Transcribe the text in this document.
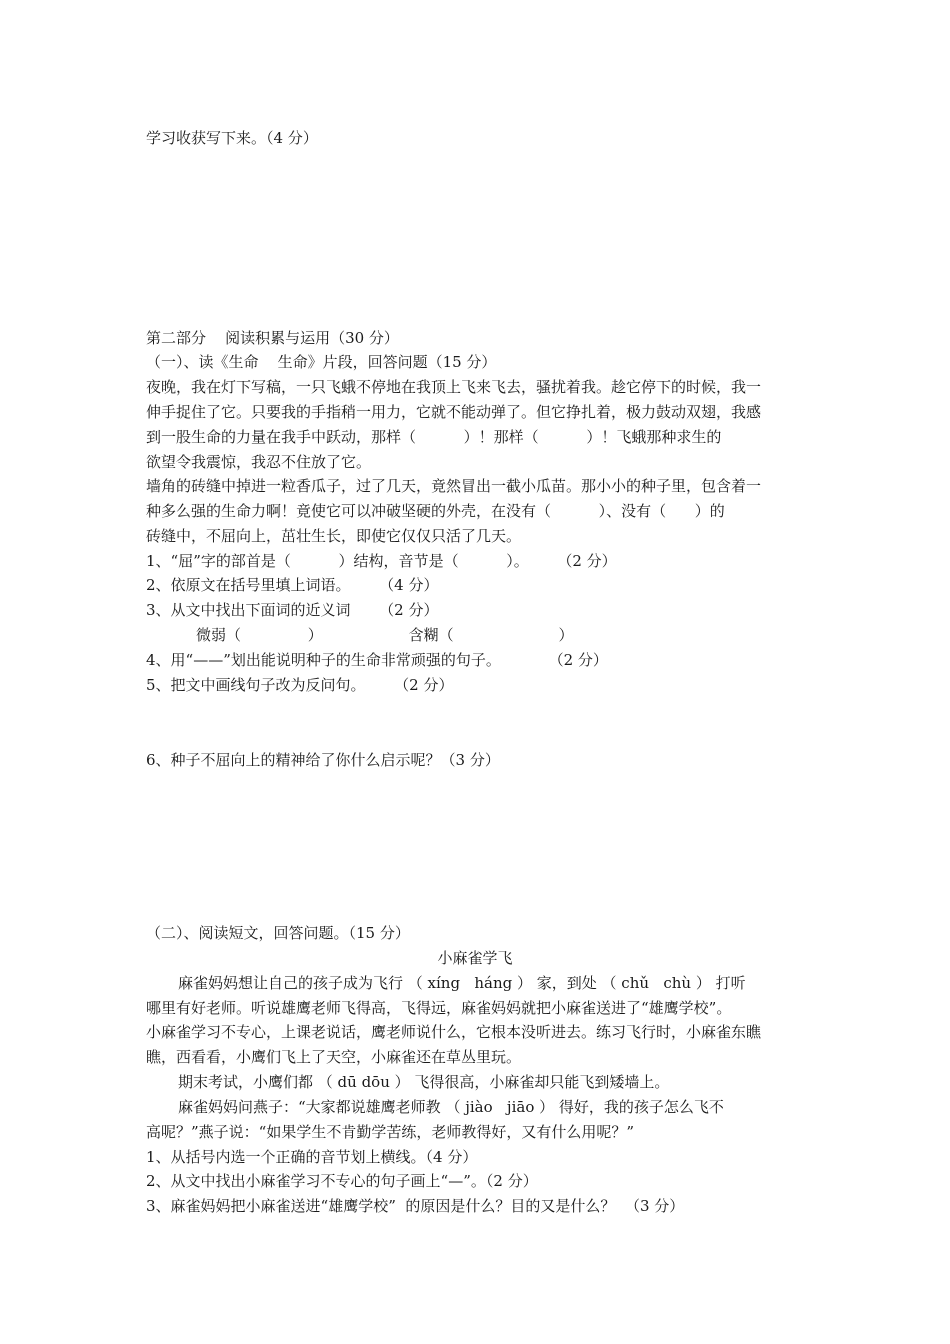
学习收获写下来。（4 分）
第二部分    阅读积累与运用（30 分）
（一）、读《生命    生命》片段，回答问题（15 分）
夜晚，我在灯下写稿，一只飞蛾不停地在我顶上飞来飞去，骚扰着我。趁它停下的时候，我一
伸手捉住了它。只要我的手指稍一用力，它就不能动弹了。但它挣扎着，极力鼓动双翅，我感
到一股生命的力量在我手中跃动，那样（          ）！那样（          ）！飞蛾那种求生的
欲望令我震惊，我忍不住放了它。
墙角的砖缝中掉进一粒香瓜子，过了几天，竟然冒出一截小瓜苗。那小小的种子里，包含着一
种多么强的生命力啊！竟使它可以冲破坚硬的外壳，在没有（          ）、没有（      ）的
砖缝中，不屈向上，茁壮生长，即使它仅仅只活了几天。
1、“屈”字的部首是（          ）结构，音节是（          ）。      （2 分）
2、依原文在括号里填上词语。      （4 分）
3、从文中找出下面词的近义词      （2 分）
微弱（              ）                  含糊（                      ）
4、用“——”划出能说明种子的生命非常顽强的句子。          （2 分）
5、把文中画线句子改为反问句。      （2 分）
6、种子不屈向上的精神给了你什么启示呢？（3 分）
（二）、阅读短文，回答问题。（15 分）
小麻雀学飞
麻雀妈妈想让自己的孩子成为飞行 （ xíng   háng ） 家，到处 （ chǔ   chù ） 打听
哪里有好老师。听说雄鹰老师飞得高，飞得远，麻雀妈妈就把小麻雀送进了“雄鹰学校”。
小麻雀学习不专心，上课老说话，鹰老师说什么，它根本没听进去。练习飞行时，小麻雀东瞧
瞧，西看看，小鹰们飞上了天空，小麻雀还在草丛里玩。
期末考试，小鹰们都 （ dū dōu ） 飞得很高，小麻雀却只能飞到矮墙上。
麻雀妈妈问燕子：“大家都说雄鹰老师教 （ jiào   jiāo ） 得好，我的孩子怎么飞不
高呢？”燕子说：“如果学生不肯勤学苦练，老师教得好，又有什么用呢？”
1、从括号内选一个正确的音节划上横线。（4 分）
2、从文中找出小麻雀学习不专心的句子画上“—”。（2 分）
3、麻雀妈妈把小麻雀送进“雄鹰学校”  的原因是什么？目的又是什么？  （3 分）
